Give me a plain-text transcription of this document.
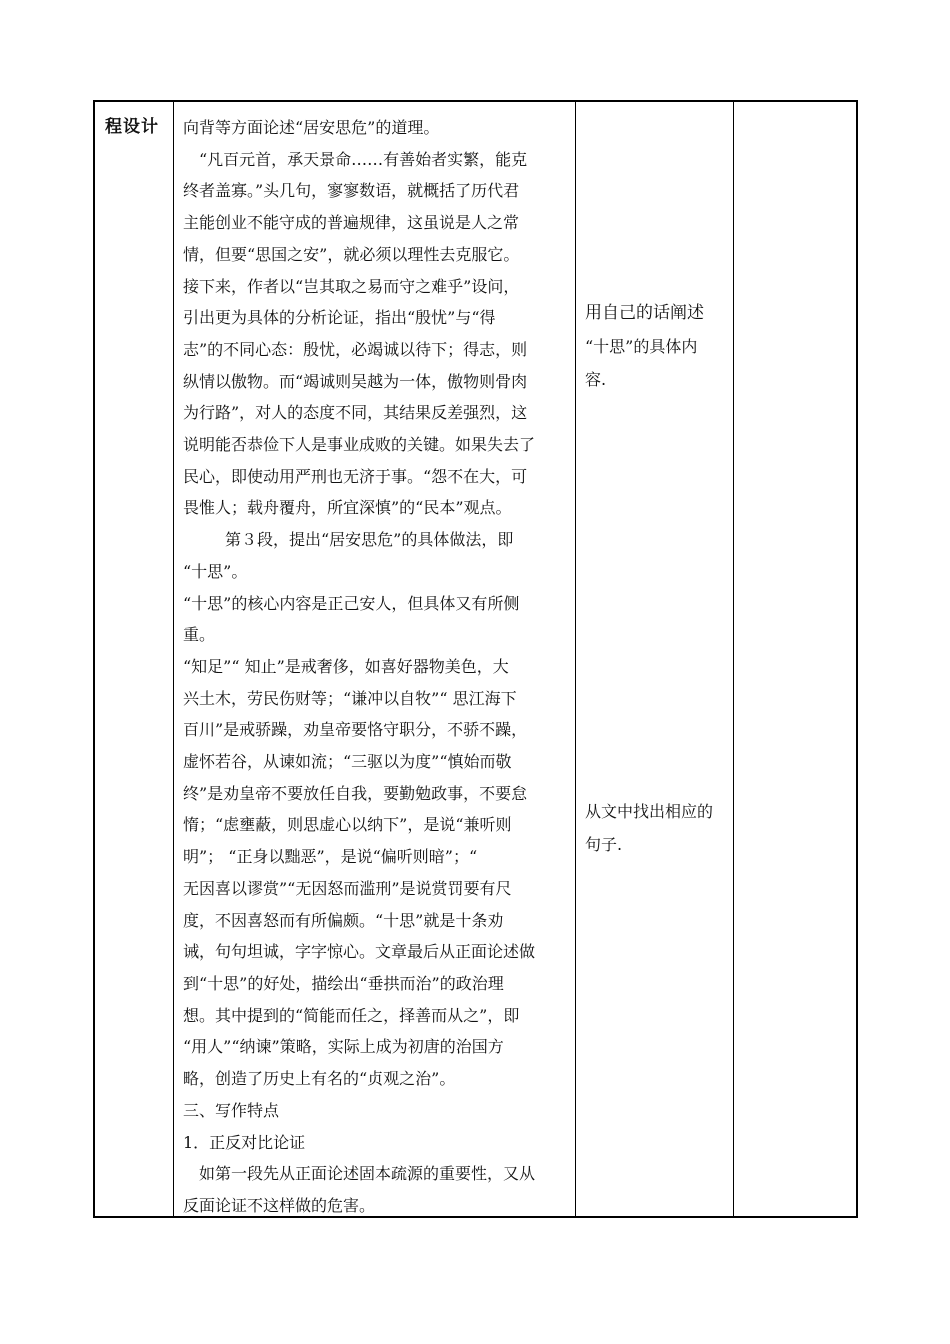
程设计 向背等方面论述“居安思危”的道理。

“凡百元首，承天景命……有善始者实繁，能克

终者盖寡。”头几句，寥寥数语，就概括了历代君

主能创业不能守成的普遍规律，这虽说是人之常

情，但要“思国之安”，就必须以理性去克服它。

接下来，作者以“岂其取之易而守之难乎”设问，

引出更为具体的分析论证，指出“殷忧”与“得

志”的不同心态：殷忧，必竭诚以待下；得志，则

纵情以傲物。而“竭诚则吴越为一体，傲物则骨肉

为行路”，对人的态度不同，其结果反差强烈，这

说明能否恭俭下人是事业成败的关键。如果失去了

民心，即使动用严刑也无济于事。“怨不在大，可

畏惟人；载舟覆舟，所宜深慎”的“民本”观点。

第３段，提出“居安思危”的具体做法，即

“十思”。

“十思”的核心内容是正己安人，但具体又有所侧

重。

“知足”“ 知止”是戒奢侈，如喜好器物美色，大

兴土木，劳民伤财等；“谦冲以自牧”“ 思江海下

百川”是戒骄躁，劝皇帝要恪守职分，不骄不躁，

虚怀若谷，从谏如流；“三驱以为度”“慎始而敬

终”是劝皇帝不要放任自我，要勤勉政事，不要怠

惰；“虑壅蔽，则思虚心以纳下”，是说“兼听则

明”； “正身以黜恶”，是说“偏听则暗”；“

无因喜以谬赏”“无因怒而滥刑”是说赏罚要有尺

度，不因喜怒而有所偏颇。“十思”就是十条劝

诫，句句坦诚，字字惊心。文章最后从正面论述做

到“十思”的好处，描绘出“垂拱而治”的政治理

想。其中提到的“简能而任之，择善而从之”，即

“用人”“纳谏”策略，实际上成为初唐的治国方

略，创造了历史上有名的“贞观之治”。

三、写作特点

1．正反对比论证

如第一段先从正面论述固本疏源的重要性，又从

反面论证不这样做的危害。

用自己的话阐述
“十思”的具体内
容.
从文中找出相应的
句子.
